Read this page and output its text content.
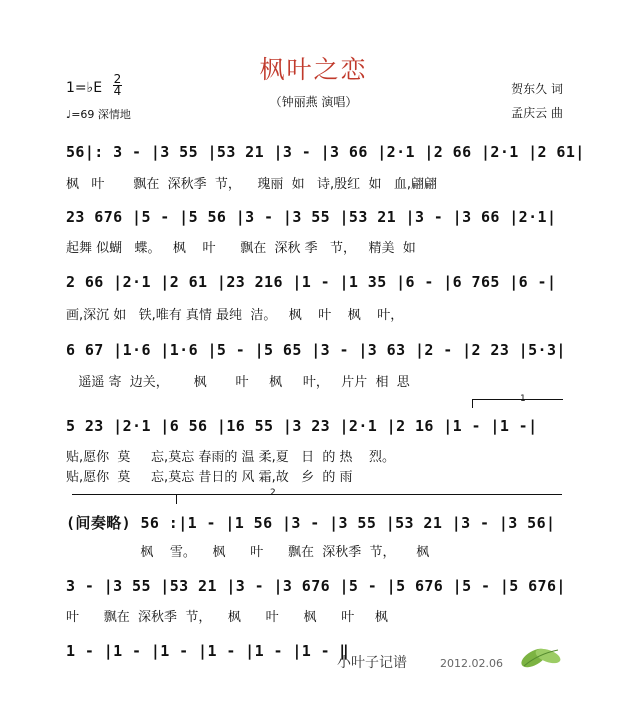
枫叶之恋
（钟丽燕 演唱）
1=♭E
2
4
♩=69 深情地
贺东久 词
孟庆云 曲
56|: 3 - |3 55 |53 21 |3 - |3 66 |2·1 |2 66 |2·1 |2 61|
枫   叶       飘在  深秋季  节，    瑰丽  如   诗,殷红  如   血,翩翩
23 676 |5 - |5 56 |3 - |3 55 |53 21 |3 - |3 66 |2·1|
起舞 似蝴   蝶。   枫    叶      飘在  深秋 季   节，   精美  如
2 66 |2·1 |2 61 |23 216 |1 - |1 35 |6 - |6 765 |6 -|
画,深沉 如   铁,唯有 真情 最纯  洁。   枫    叶    枫    叶，
6 67 |1·6 |1·6 |5 - |5 65 |3 - |3 63 |2 - |2 23 |5·3|
遥遥 寄  边关，      枫       叶     枫     叶，   片片  相  思
1
5 23 |2·1 |6 56 |16 55 |3 23 |2·1 |2 16 |1 - |1 -|
贴,愿你  莫     忘,莫忘 春雨的 温 柔,夏   日  的 热    烈。
贴,愿你  莫     忘,莫忘 昔日的 风 霜,故   乡  的 雨
2
(间奏略) 56 :|1 - |1 56 |3 - |3 55 |53 21 |3 - |3 56|
枫    雪。    枫      叶      飘在  深秋季  节，     枫
3 - |3 55 |53 21 |3 - |3 676 |5 - |5 676 |5 - |5 676|
叶      飘在  深秋季  节，    枫      叶      枫      叶     枫
1 - |1 - |1 - |1 - |1 - |1 - ‖
小叶子记谱	2012.02.06
